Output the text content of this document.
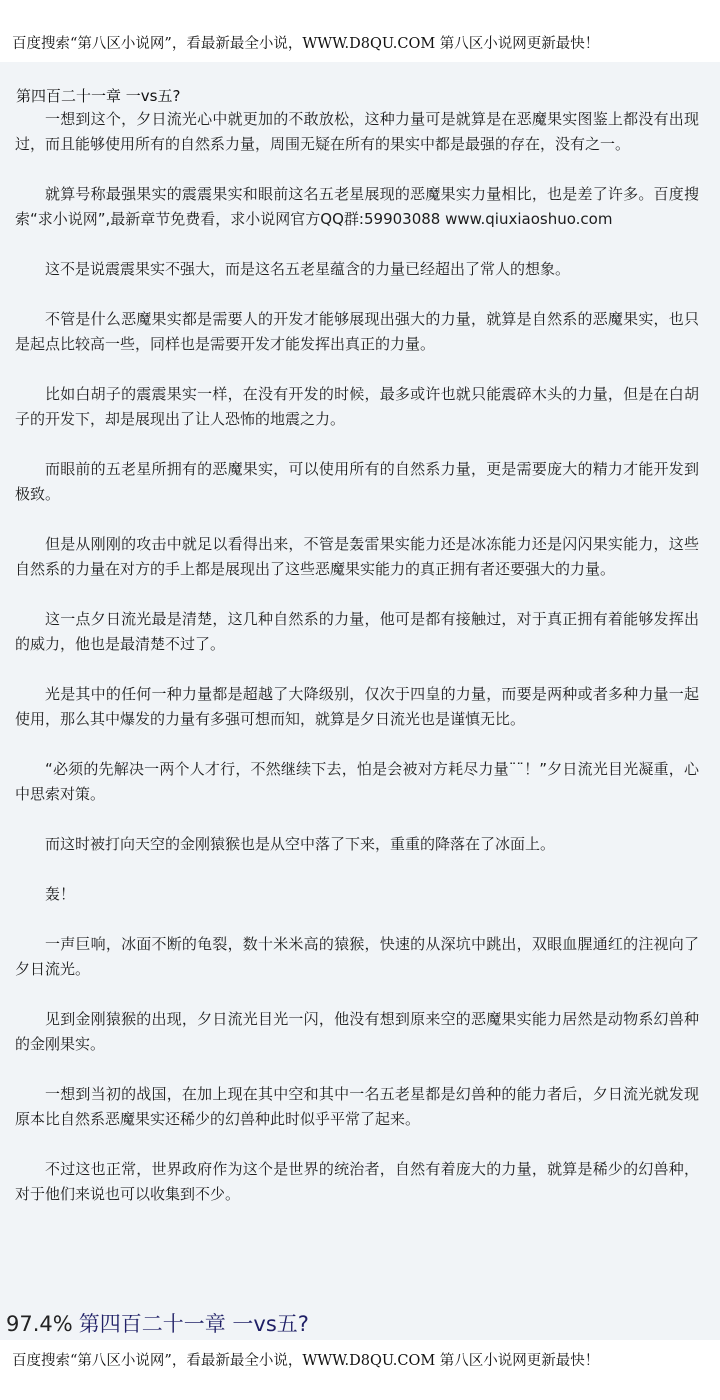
百度搜索“第八区小说网”，看最新最全小说，WWW.D8QU.COM 第八区小说网更新最快！
第四百二十一章 一vs五?

一想到这个，夕日流光心中就更加的不敢放松，这种力量可是就算是在恶魔果实图鉴上都没有出现过，而且能够使用所有的自然系力量，周围无疑在所有的果实中都是最强的存在，没有之一。

就算号称最强果实的震震果实和眼前这名五老星展现的恶魔果实力量相比，也是差了许多。百度搜索“求小说网”,最新章节免费看，求小说网官方QQ群:59903088 www.qiuxiaoshuo.com

这不是说震震果实不强大，而是这名五老星蕴含的力量已经超出了常人的想象。

不管是什么恶魔果实都是需要人的开发才能够展现出强大的力量，就算是自然系的恶魔果实，也只是起点比较高一些，同样也是需要开发才能发挥出真正的力量。

比如白胡子的震震果实一样，在没有开发的时候，最多或许也就只能震碎木头的力量，但是在白胡子的开发下，却是展现出了让人恐怖的地震之力。

而眼前的五老星所拥有的恶魔果实，可以使用所有的自然系力量，更是需要庞大的精力才能开发到极致。

但是从刚刚的攻击中就足以看得出来，不管是轰雷果实能力还是冰冻能力还是闪闪果实能力，这些自然系的力量在对方的手上都是展现出了这些恶魔果实能力的真正拥有者还要强大的力量。

这一点夕日流光最是清楚，这几种自然系的力量，他可是都有接触过，对于真正拥有着能够发挥出的威力，他也是最清楚不过了。

光是其中的任何一种力量都是超越了大降级别，仅次于四皇的力量，而要是两种或者多种力量一起使用，那么其中爆发的力量有多强可想而知，就算是夕日流光也是谨慎无比。

“必须的先解决一两个人才行，不然继续下去，怕是会被对方耗尽力量¨¨！”夕日流光目光凝重，心中思索对策。

而这时被打向天空的金刚猿猴也是从空中落了下来，重重的降落在了冰面上。

轰！

一声巨响，冰面不断的龟裂，数十米米高的猿猴，快速的从深坑中跳出，双眼血腥通红的注视向了夕日流光。

见到金刚猿猴的出现，夕日流光目光一闪，他没有想到原来空的恶魔果实能力居然是动物系幻兽种的金刚果实。

一想到当初的战国，在加上现在其中空和其中一名五老星都是幻兽种的能力者后，夕日流光就发现原本比自然系恶魔果实还稀少的幻兽种此时似乎平常了起来。

不过这也正常，世界政府作为这个是世界的统治者，自然有着庞大的力量，就算是稀少的幻兽种，对于他们来说也可以收集到不少。

97.4% 第四百二十一章 一vs五?
百度搜索“第八区小说网”，看最新最全小说，WWW.D8QU.COM 第八区小说网更新最快！
